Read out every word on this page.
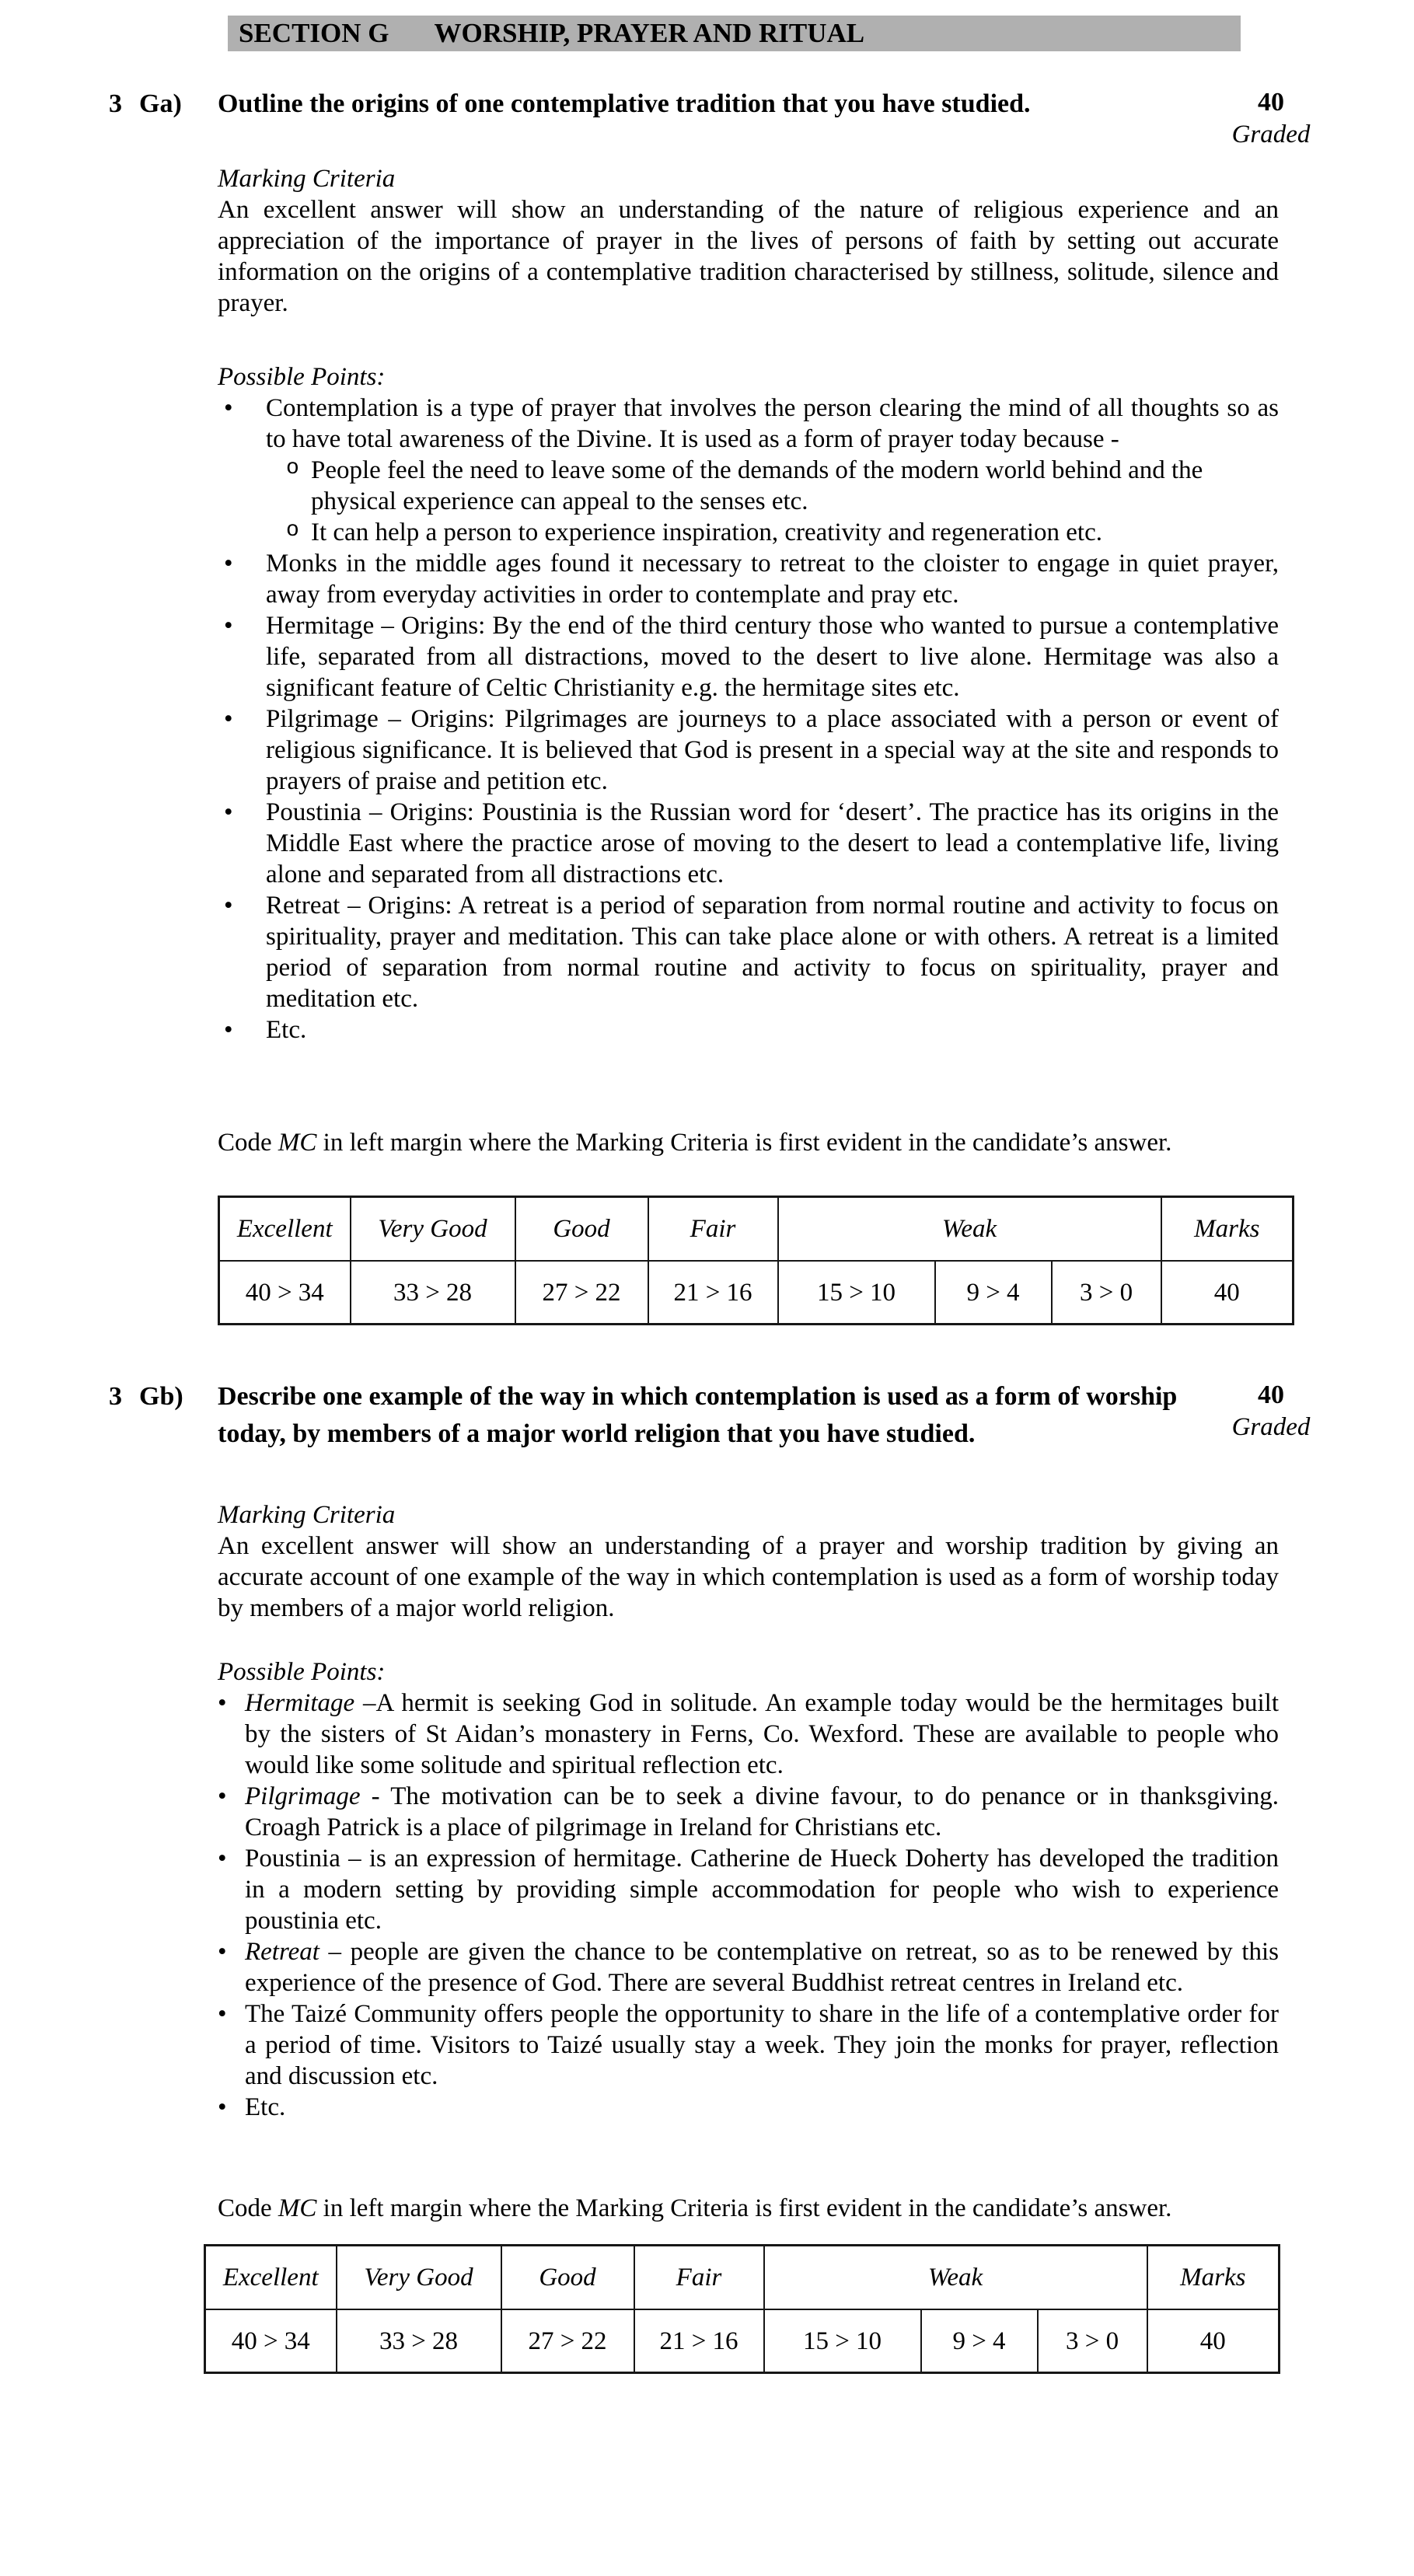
SECTION G WORSHIP, PRAYER AND RITUAL
3 Ga) Outline the origins of one contemplative tradition that you have studied.	40
Graded
Marking Criteria

An excellent answer will show an understanding of the nature of religious experience and an appreciation of the importance of prayer in the lives of persons of faith by setting out accurate information on the origins of a contemplative tradition characterised by stillness, solitude, silence and prayer.

Possible Points:
•
Contemplation is a type of prayer that involves the person clearing the mind of all thoughts so as to have total awareness of the Divine. It is used as a form of prayer today because -
o
People feel the need to leave some of the demands of the modern world behind and the physical experience can appeal to the senses etc.
o
It can help a person to experience inspiration, creativity and regeneration etc.
•
Monks in the middle ages found it necessary to retreat to the cloister to engage in quiet prayer, away from everyday activities in order to contemplate and pray etc.
•
Hermitage – Origins: By the end of the third century those who wanted to pursue a contemplative life, separated from all distractions, moved to the desert to live alone. Hermitage was also a significant feature of Celtic Christianity e.g. the hermitage sites etc.
•
Pilgrimage – Origins: Pilgrimages are journeys to a place associated with a person or event of religious significance. It is believed that God is present in a special way at the site and responds to prayers of praise and petition etc.
•
Poustinia – Origins: Poustinia is the Russian word for ‘desert’. The practice has its origins in the Middle East where the practice arose of moving to the desert to lead a contemplative life, living alone and separated from all distractions etc.
•
Retreat – Origins: A retreat is a period of separation from normal routine and activity to focus on spirituality, prayer and meditation. This can take place alone or with others. A retreat is a limited period of separation from normal routine and activity to focus on spirituality, prayer and meditation etc.
•
Etc.

Code MC in left margin where the Marking Criteria is first evident in the candidate’s answer.

Excellent	Very Good	Good	Fair	Weak			Marks
40 > 34	33 > 28	27 > 22	21 > 16	15 > 10	9 > 4	3 > 0	40
3 Gb) Describe one example of the way in which contemplation is used as a form of worship today, by members of a major world religion that you have studied.
40
Graded
Marking Criteria

An excellent answer will show an understanding of a prayer and worship tradition by giving an accurate account of one example of the way in which contemplation is used as a form of worship today by members of a major world religion.

Possible Points:
•
Hermitage –A hermit is seeking God in solitude. An example today would be the hermitages built by the sisters of St Aidan’s monastery in Ferns, Co. Wexford. These are available to people who would like some solitude and spiritual reflection etc.
•
Pilgrimage - The motivation can be to seek a divine favour, to do penance or in thanksgiving. Croagh Patrick is a place of pilgrimage in Ireland for Christians etc.
•
Poustinia – is an expression of hermitage. Catherine de Hueck Doherty has developed the tradition in a modern setting by providing simple accommodation for people who wish to experience poustinia etc.
•
Retreat – people are given the chance to be contemplative on retreat, so as to be renewed by this experience of the presence of God. There are several Buddhist retreat centres in Ireland etc.
•
The Taizé Community offers people the opportunity to share in the life of a contemplative order for a period of time. Visitors to Taizé usually stay a week. They join the monks for prayer, reflection and discussion etc.
•
Etc.

Code MC in left margin where the Marking Criteria is first evident in the candidate’s answer.

Excellent	Very Good	Good	Fair	Weak			Marks
40 > 34	33 > 28	27 > 22	21 > 16	15 > 10	9 > 4	3 > 0	40
